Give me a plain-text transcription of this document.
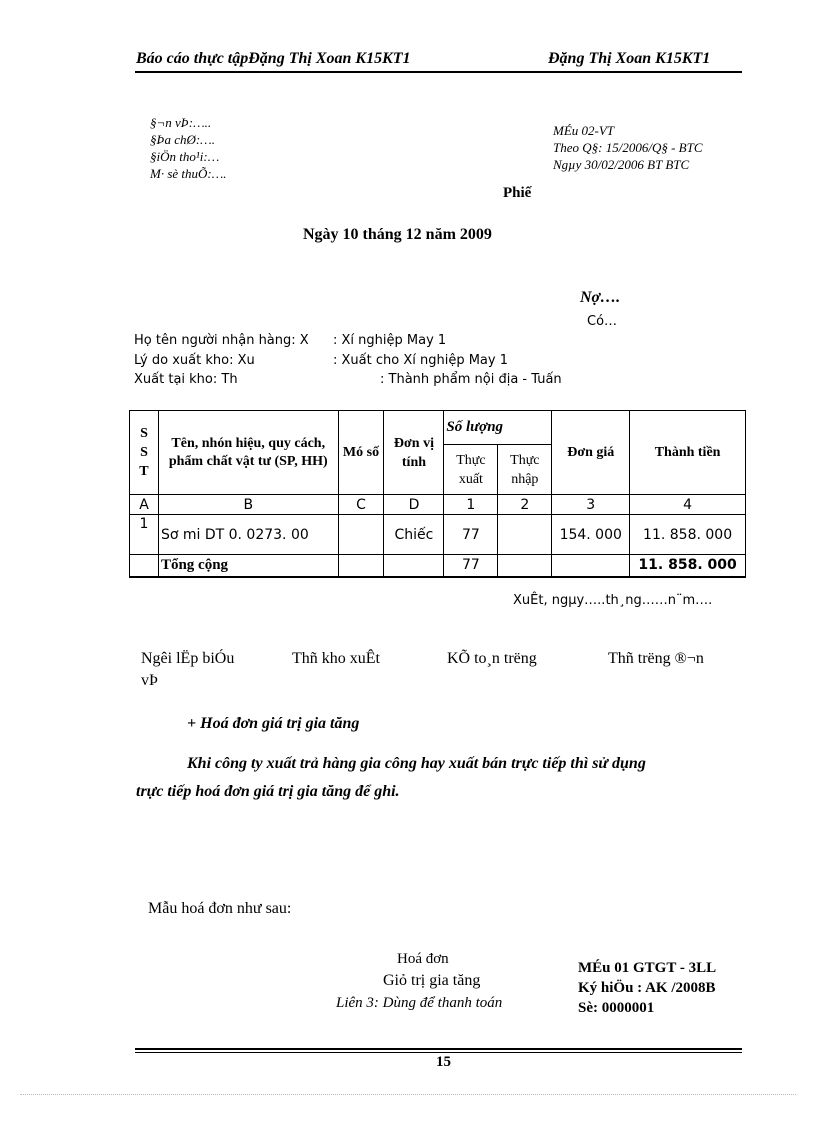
Báo cáo thực tậpĐặng Thị Xoan K15KT1	Đặng Thị Xoan K15KT1
§¬n vÞ:…..
§Þa chØ:….
§iÖn tho¹i:…
M· sè thuÕ:….
MÉu 02-VT
Theo Q§: 15/2006/Q§ - BTC
Ngµy 30/02/2006 BT BTC
Phiế
Ngày 10 tháng 12 năm 2009
Nợ….
Có…
Họ tên người nhận hàng: X : Xí nghiệp May 1
Lý do xuất kho: Xu	: Xuất cho Xí nghiệp May 1
Xuất tại kho: Th	: Thành phẩm nội địa - Tuấn
S S T	Tên, nhón hiệu, quy cách, phẩm chất vật tư (SP, HH)	Mó số	Đơn vị tính	Số lượng		Đơn giá	Thành tiền
				Thực xuất	Thực nhập		
A	B	C	D	1	2	3	4
1	Sơ mi DT 0. 0273. 00		Chiếc	77		154. 000	11. 858. 000
	Tổng cộng			77			11. 858. 000
XuÊt, ngµy…..th¸ng……n¨m….
Ngêi lËp biÓu	Thñ kho xuÊt	KÕ to¸n trëng	Thñ trëng ®¬n
vÞ
+ Hoá đơn giá trị gia tăng
Khi công ty xuất trả hàng gia công hay xuất bán trực tiếp thì sử dụng
trực tiếp hoá đơn giá trị gia tăng để ghi.
Mẫu hoá đơn như sau:
Hoá đơn
Giỏ trị gia tăng
Liên 3: Dùng để thanh toán
MÉu 01 GTGT - 3LL
Ký hiÖu : AK /2008B
Sè: 0000001
15
